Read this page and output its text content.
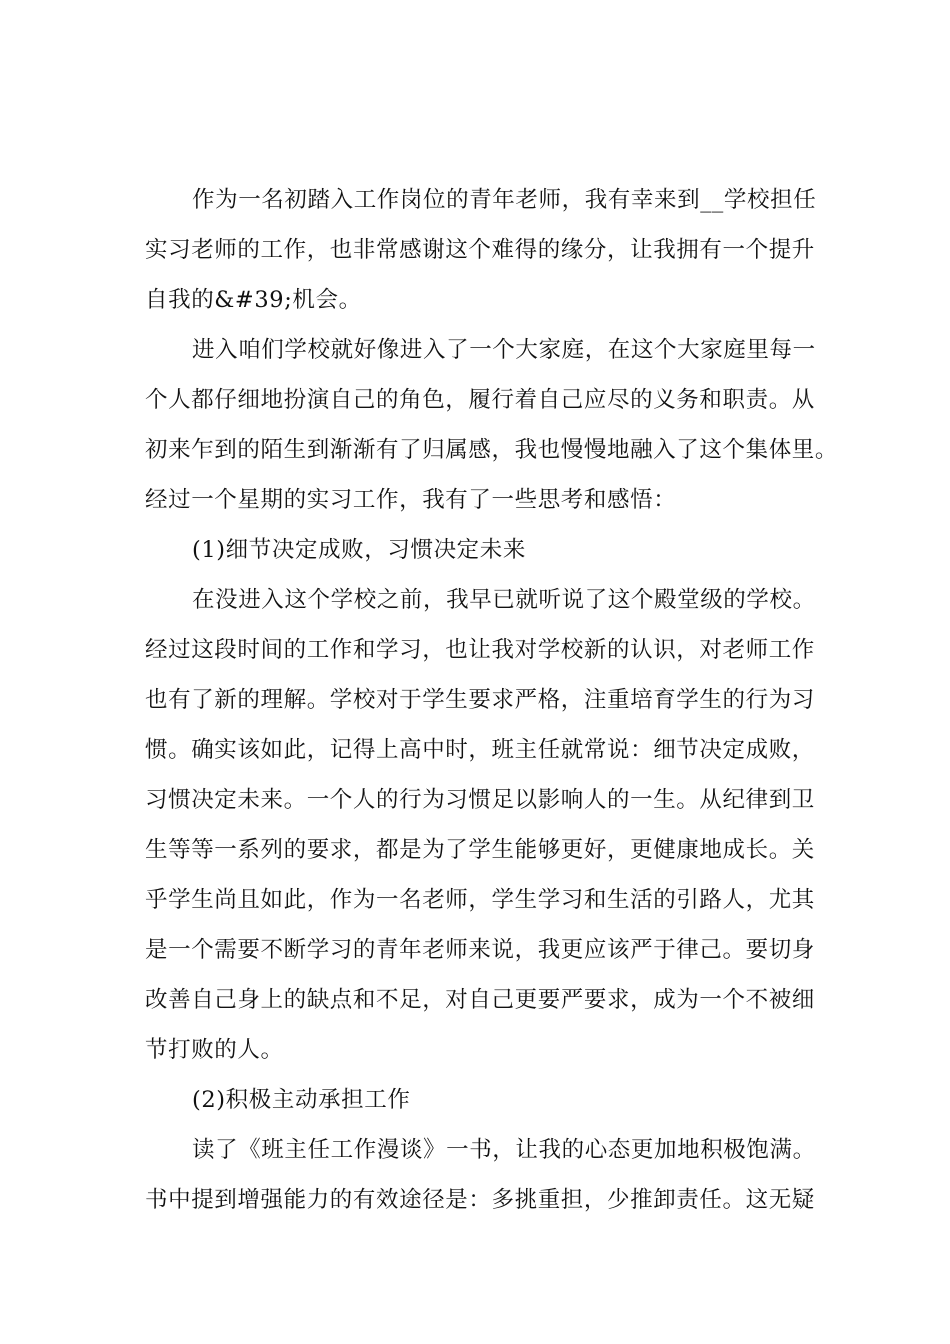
作为一名初踏入工作岗位的青年老师，我有幸来到__学校担任
实习老师的工作，也非常感谢这个难得的缘分，让我拥有一个提升
自我的&#39;机会。
进入咱们学校就好像进入了一个大家庭，在这个大家庭里每一
个人都仔细地扮演自己的角色，履行着自己应尽的义务和职责。从
初来乍到的陌生到渐渐有了归属感，我也慢慢地融入了这个集体里。
经过一个星期的实习工作，我有了一些思考和感悟：
(1)细节决定成败，习惯决定未来
在没进入这个学校之前，我早已就听说了这个殿堂级的学校。
经过这段时间的工作和学习，也让我对学校新的认识，对老师工作
也有了新的理解。学校对于学生要求严格，注重培育学生的行为习
惯。确实该如此，记得上高中时，班主任就常说：细节决定成败，
习惯决定未来。一个人的行为习惯足以影响人的一生。从纪律到卫
生等等一系列的要求，都是为了学生能够更好，更健康地成长。关
乎学生尚且如此，作为一名老师，学生学习和生活的引路人，尤其
是一个需要不断学习的青年老师来说，我更应该严于律己。要切身
改善自己身上的缺点和不足，对自己更要严要求，成为一个不被细
节打败的人。
(2)积极主动承担工作
读了《班主任工作漫谈》一书，让我的心态更加地积极饱满。
书中提到增强能力的有效途径是：多挑重担，少推卸责任。这无疑
